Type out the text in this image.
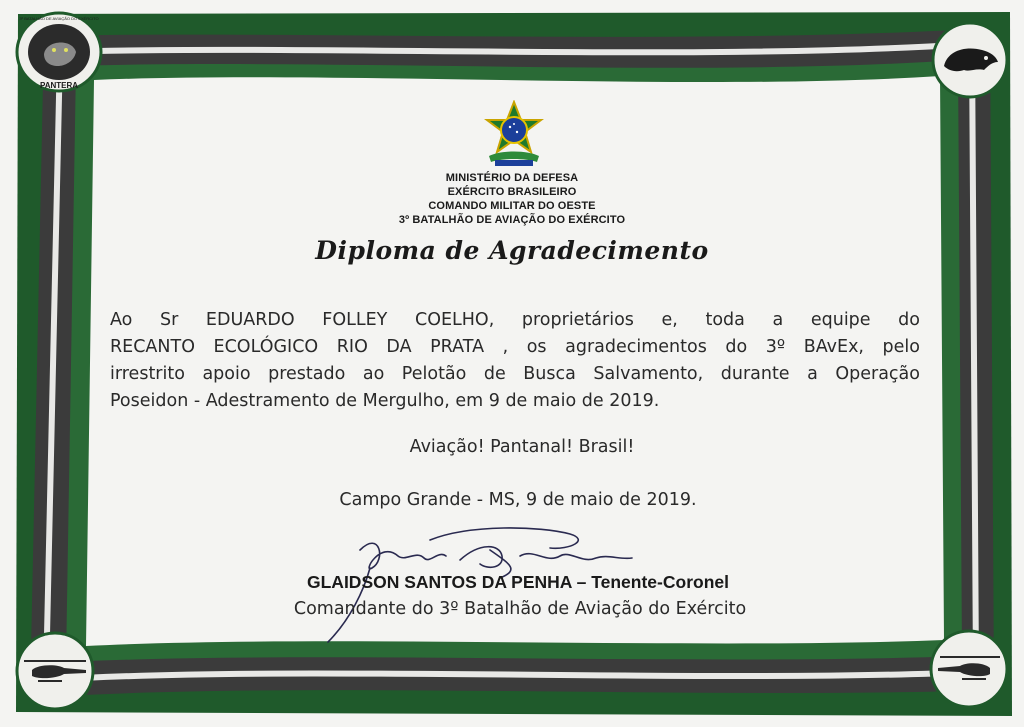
PANTERA
3º BATALHÃO DE AVIAÇÃO DO EXÉRCITO
MINISTÉRIO DA DEFESA
EXÉRCITO BRASILEIRO
COMANDO MILITAR DO OESTE
3º BATALHÃO DE AVIAÇÃO DO EXÉRCITO
Diploma de Agradecimento
Ao Sr EDUARDO FOLLEY COELHO, proprietários e, toda a equipe do
RECANTO ECOLÓGICO RIO DA PRATA , os agradecimentos do 3º BAvEx, pelo
irrestrito apoio prestado ao Pelotão de Busca Salvamento, durante a Operação
Poseidon - Adestramento de Mergulho, em 9 de maio de 2019.
Aviação! Pantanal! Brasil!
Campo Grande - MS, 9 de maio de 2019.
GLAIDSON SANTOS DA PENHA – Tenente-Coronel
Comandante do 3º Batalhão de Aviação do Exército
